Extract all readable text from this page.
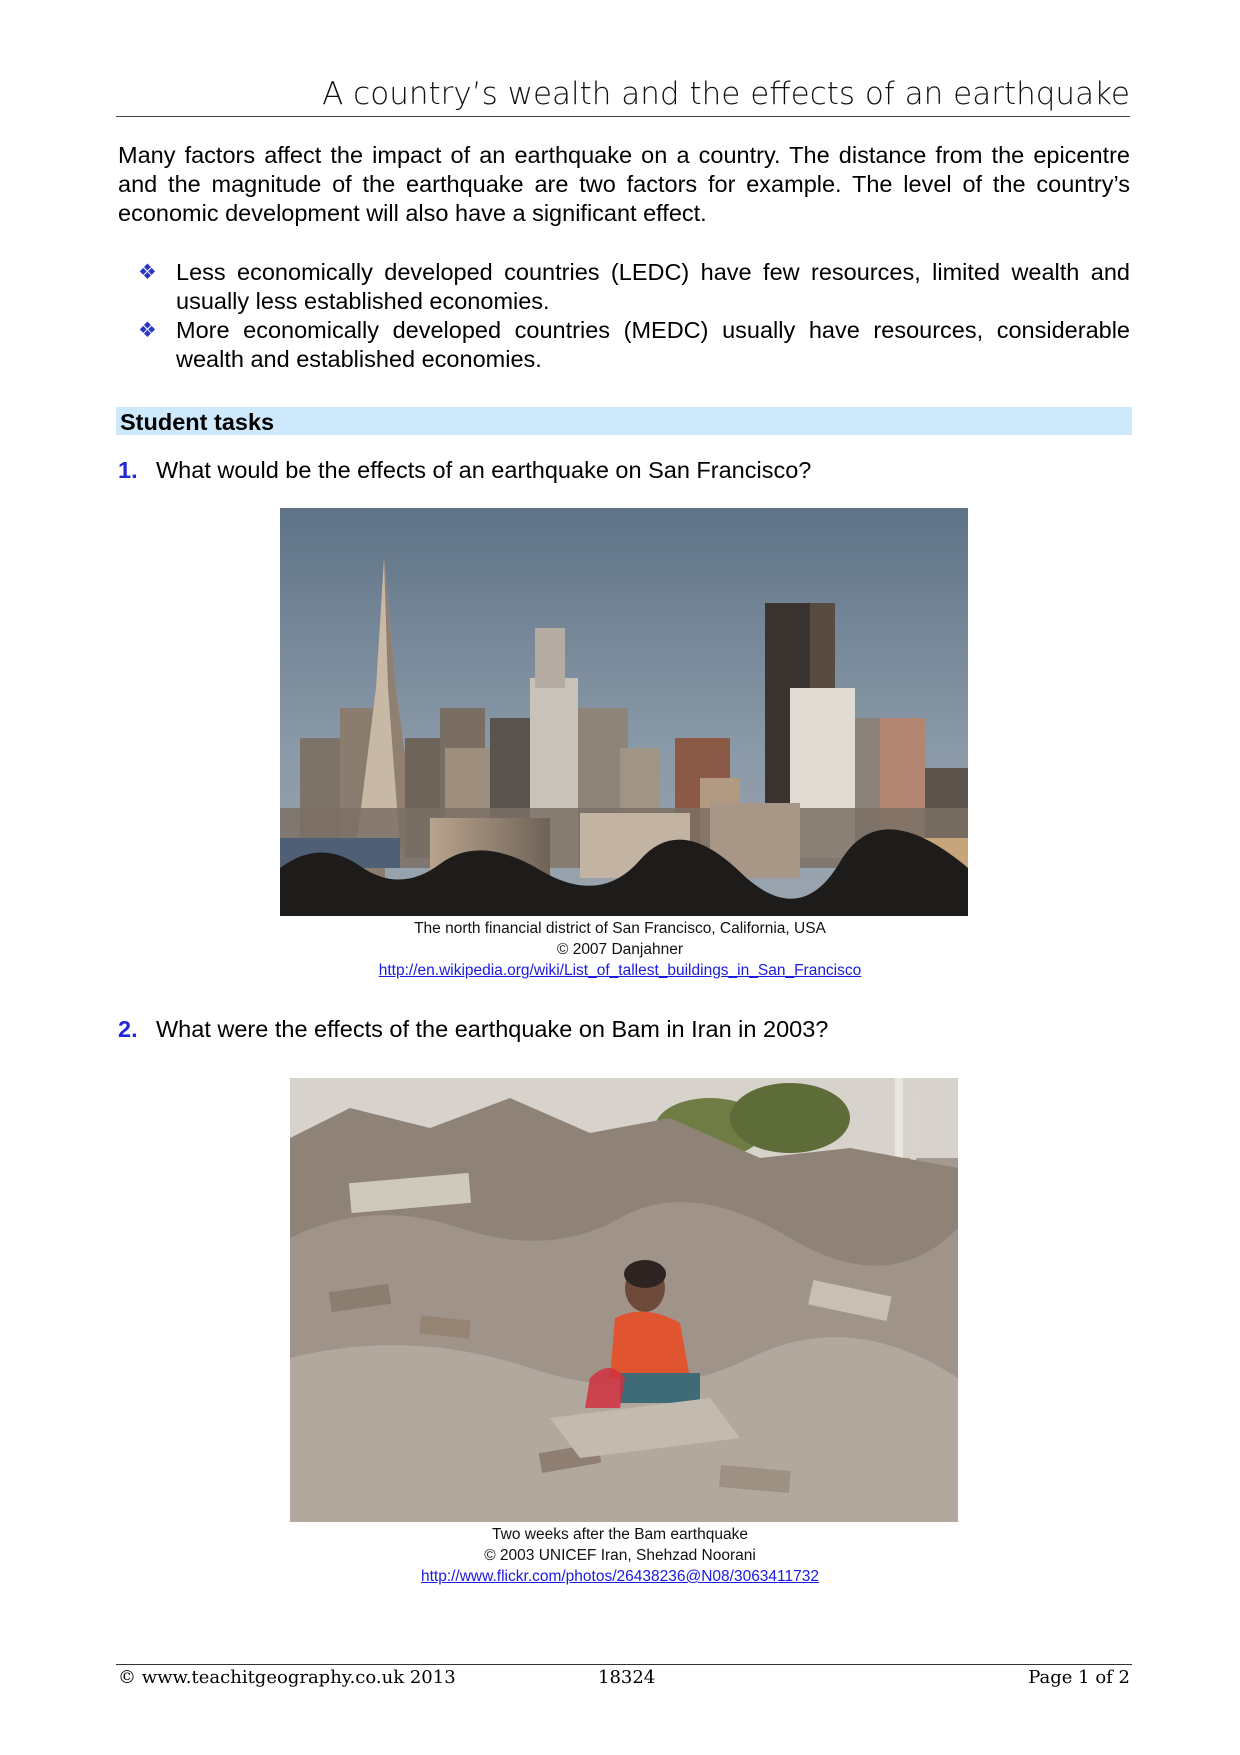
A country’s wealth and the effects of an earthquake
Many factors affect the impact of an earthquake on a country. The distance from the epicentre and the magnitude of the earthquake are two factors for example. The level of the country’s economic development will also have a significant effect.
❖ Less economically developed countries (LEDC) have few resources, limited wealth and usually less established economies.
❖ More economically developed countries (MEDC) usually have resources, considerable wealth and established economies.
Student tasks
1. What would be the effects of an earthquake on San Francisco?
The north financial district of San Francisco, California, USA
© 2007 Danjahner
http://en.wikipedia.org/wiki/List_of_tallest_buildings_in_San_Francisco
2. What were the effects of the earthquake on Bam in Iran in 2003?
Two weeks after the Bam earthquake
© 2003 UNICEF Iran, Shehzad Noorani
http://www.flickr.com/photos/26438236@N08/3063411732
© www.teachitgeography.co.uk 2013	18324	Page 1 of 2
